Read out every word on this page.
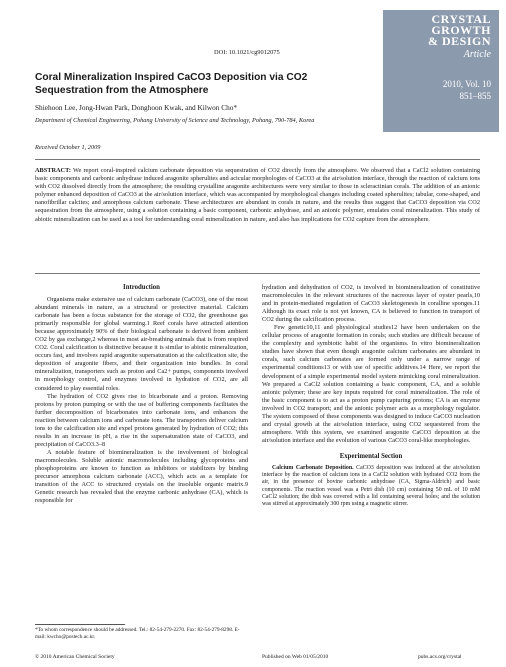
CRYSTAL
GROWTH
& DESIGN
Article
2010, Vol. 10
851–855
DOI: 10.1021/cg9012075
Coral Mineralization Inspired CaCO3 Deposition via CO2 Sequestration from the Atmosphere
Shiehoon Lee, Jong-Hwan Park, Donghoon Kwak, and Kilwon Cho*
Department of Chemical Engineering, Pohang University of Science and Technology, Pohang, 790-784, Korea
Received October 1, 2009
ABSTRACT: We report coral-inspired calcium carbonate deposition via sequestration of CO2 directly from the atmosphere. We observed that a CaCl2 solution containing basic components and carbonic anhydrase induced aragonite spherulites and acicular morphologies of CaCO3 at the air/solution interface, through the reaction of calcium ions with CO2 dissolved directly from the atmosphere; the resulting crystalline aragonite architectures were very similar to those in scleractinian corals. The addition of an anionic polymer enhanced deposition of CaCO3 at the air/solution interface, which was accompanied by morphological changes including coated spherulites; tabular, cone-shaped, and nanofibrillar calcites; and amorphous calcium carbonate. These architectures are abundant in corals in nature, and the results thus suggest that CaCO3 deposition via CO2 sequestration from the atmosphere, using a solution containing a basic component, carbonic anhydrase, and an anionic polymer, emulates coral mineralization. This study of abiotic mineralization can be used as a tool for understanding coral mineralization in nature, and also has implications for CO2 capture from the atmosphere.
Introduction

Organisms make extensive use of calcium carbonate (CaCO3), one of the most abundant minerals in nature, as a structural or protective material. Calcium carbonate has been a focus substance for the storage of CO2, the greenhouse gas primarily responsible for global warming.1 Reef corals have attracted attention because approximately 90% of their biological carbonate is derived from ambient CO2 by gas exchange,2 whereas in most air-breathing animals that is from respired CO2. Coral calcification is distinctive because it is similar to abiotic mineralization, occurs fast, and involves rapid aragonite supersaturation at the calcification site, the deposition of aragonite fibers, and their organization into bundles. In coral mineralization, transporters such as proton and Ca2+ pumps, components involved in morphology control, and enzymes involved in hydration of CO2, are all considered to play essential roles.

The hydration of CO2 gives rise to bicarbonate and a proton. Removing protons by proton pumping or with the use of buffering components facilitates the further decomposition of bicarbonates into carbonate ions, and enhances the reaction between calcium ions and carbonate ions. The transporters deliver calcium ions to the calcification site and expel protons generated by hydration of CO2; this results in an increase in pH, a rise in the supersaturation state of CaCO3, and precipitation of CaCO3.3–8

A notable feature of biomineralization is the involvement of biological macromolecules. Soluble anionic macromolecules including glycoproteins and phosphoproteins are known to function as inhibitors or stabilizers by binding precursor amorphous calcium carbonate (ACC), which acts as a template for transition of the ACC to structured crystals on the insoluble organic matrix.9 Genetic research has revealed that the enzyme carbonic anhydrase (CA), which is responsible for

hydration and dehydration of CO2, is involved in biomineralization of constitutive macromolecules in the relevant structures of the nacreous layer of oyster pearls,10 and in protein-mediated regulation of CaCO3 skeletogenesis in coralline sponges.11 Although its exact role is not yet known, CA is believed to function in transport of CO2 during the calcification process.

Few genetic10,11 and physiological studies12 have been undertaken on the cellular process of aragonite formation in corals; such studies are difficult because of the complexity and symbiotic habit of the organisms. In vitro biomineralization studies have shown that even though aragonite calcium carbonates are abundant in corals, such calcium carbonates are formed only under a narrow range of experimental conditions13 or with use of specific additives.14 Here, we report the development of a simple experimental model system mimicking coral mineralization. We prepared a CaCl2 solution containing a basic component, CA, and a soluble anionic polymer; these are key inputs required for coral mineralization. The role of the basic component is to act as a proton pump capturing protons; CA is an enzyme involved in CO2 transport; and the anionic polymer acts as a morphology regulator. The system composed of these components was designed to induce CaCO3 nucleation and crystal growth at the air/solution interface, using CO2 sequestered from the atmosphere. With this system, we examined aragonite CaCO3 deposition at the air/solution interface and the evolution of various CaCO3 coral-like morphologies.

Experimental Section

Calcium Carbonate Deposition. CaCO3 deposition was induced at the air/solution interface by the reaction of calcium ions in a CaCl2 solution with hydrated CO2 from the air, in the presence of bovine carbonic anhydrase (CA, Sigma-Aldrich) and basic components. The reaction vessel was a Petri dish (10 cm) containing 50 mL of 10 mM CaCl2 solution; the dish was covered with a lid containing several holes; and the solution was stirred at approximately 300 rpm using a magnetic stirrer.

*To whom correspondence should be addressed. Tel.: 82-54-279-2270. Fax: 82-54-279-8298. E-mail: kwcho@postech.ac.kr.
© 2010 American Chemical Society	Published on Web 01/05/2010	pubs.acs.org/crystal
